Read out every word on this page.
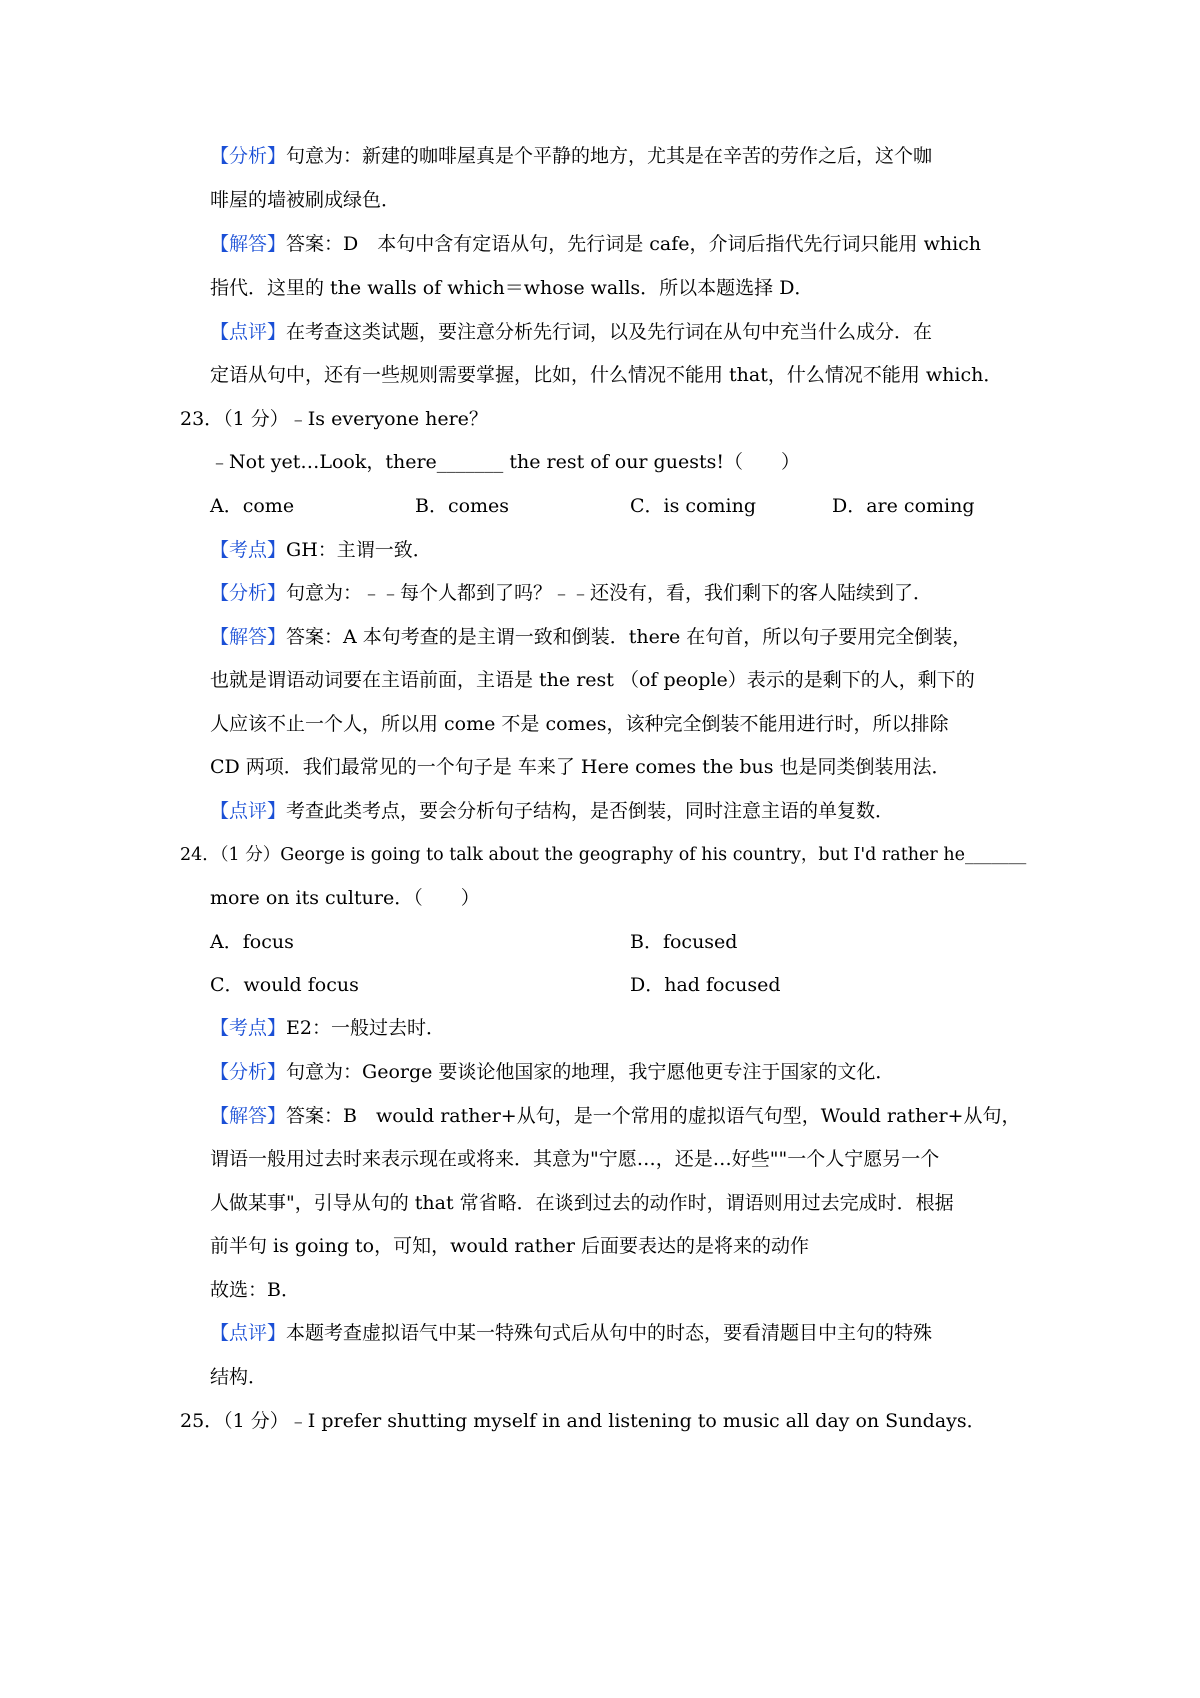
【分析】句意为：新建的咖啡屋真是个平静的地方，尤其是在辛苦的劳作之后，这个咖
啡屋的墙被刷成绿色．
【解答】答案：D　本句中含有定语从句，先行词是 cafe，介词后指代先行词只能用 which
指代．这里的 the walls of which＝whose walls．所以本题选择 D．
【点评】在考查这类试题，要注意分析先行词，以及先行词在从句中充当什么成分．在
定语从句中，还有一些规则需要掌握，比如，什么情况不能用 that，什么情况不能用 which．
23．（1 分）﹣Is everyone here？
﹣Not yet…Look，there_______ the rest of our guests!（　　）
A．come	B．comes	C．is coming	D．are coming
【考点】GH：主谓一致．
【分析】句意为：﹣﹣每个人都到了吗？﹣﹣还没有，看，我们剩下的客人陆续到了．
【解答】答案：A 本句考查的是主谓一致和倒装．there 在句首，所以句子要用完全倒装，
也就是谓语动词要在主语前面，主语是 the rest （of people）表示的是剩下的人，剩下的
人应该不止一个人，所以用 come 不是 comes，该种完全倒装不能用进行时，所以排除
CD 两项．我们最常见的一个句子是 车来了 Here comes the bus 也是同类倒装用法．
【点评】考查此类考点，要会分析句子结构，是否倒装，同时注意主语的单复数．
24．（1 分）George is going to talk about the geography of his country，but I'd rather he_______
more on its culture．（　　）
A．focus	B．focused
C．would focus	D．had focused
【考点】E2：一般过去时．
【分析】句意为：George 要谈论他国家的地理，我宁愿他更专注于国家的文化．
【解答】答案：B　would rather+从句，是一个常用的虚拟语气句型，Would rather+从句，
谓语一般用过去时来表示现在或将来．其意为"宁愿…，还是…好些""一个人宁愿另一个
人做某事"，引导从句的 that 常省略．在谈到过去的动作时，谓语则用过去完成时．根据
前半句 is going to，可知，would rather 后面要表达的是将来的动作
故选：B．
【点评】本题考查虚拟语气中某一特殊句式后从句中的时态，要看清题目中主句的特殊
结构．
25．（1 分）﹣I prefer shutting myself in and listening to music all day on Sundays．
